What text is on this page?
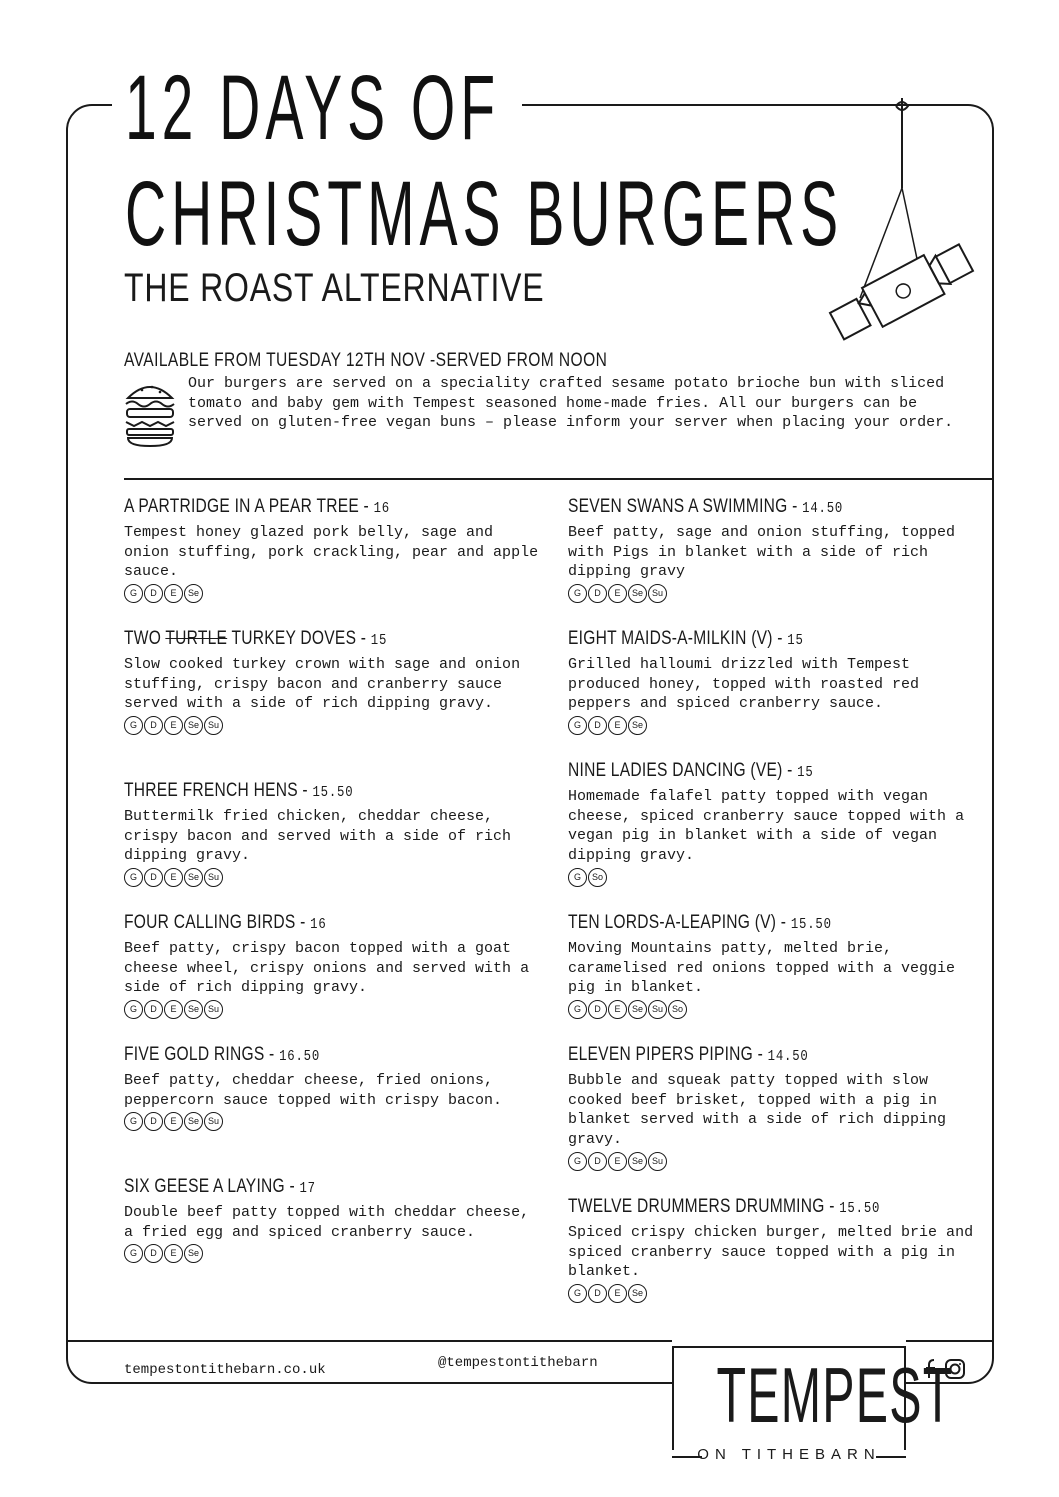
12 DAYS OF
CHRISTMAS BURGERS
THE ROAST ALTERNATIVE
AVAILABLE FROM TUESDAY 12TH NOV -SERVED FROM NOON

Our burgers are served on a speciality crafted sesame potato brioche bun with sliced tomato and baby gem with Tempest seasoned home-made fries. All our burgers can be served on gluten-free vegan buns – please inform your server when placing your order.

A PARTRIDGE IN A PEAR TREE - 16

Tempest honey glazed pork belly, sage and onion stuffing, pork crackling, pear and apple sauce.

G	D	E	Se
TWO TURTLE TURKEY DOVES - 15

Slow cooked turkey crown with sage and onion stuffing, crispy bacon and cranberry sauce served with a side of rich dipping gravy.

G	D	E	Se Su
THREE FRENCH HENS - 15.50

Buttermilk fried chicken, cheddar cheese, crispy bacon and served with a side of rich dipping gravy.

G	D	E	Se Su
FOUR CALLING BIRDS - 16

Beef patty, crispy bacon topped with a goat cheese wheel, crispy onions and served with a side of rich dipping gravy.

G	D	E	Se Su
FIVE GOLD RINGS - 16.50

Beef patty, cheddar cheese, fried onions, peppercorn sauce topped with crispy bacon.

G	D	E	Se Su
SIX GEESE A LAYING - 17

Double beef patty topped with cheddar cheese, a fried egg and spiced cranberry sauce.

G	D	E	Se
SEVEN SWANS A SWIMMING - 14.50

Beef patty, sage and onion stuffing, topped with Pigs in blanket with a side of rich dipping gravy

G	D	E	Se Su
EIGHT MAIDS-A-MILKIN (V) - 15

Grilled halloumi drizzled with Tempest produced honey, topped with roasted red peppers and spiced cranberry sauce.

G	D	E	Se
NINE LADIES DANCING (VE) - 15

Homemade falafel patty topped with vegan cheese, spiced cranberry sauce topped with a vegan pig in blanket with a side of vegan dipping gravy.

G	So
TEN LORDS-A-LEAPING (V) - 15.50

Moving Mountains patty, melted brie, caramelised red onions topped with a veggie pig in blanket.

G	D	E	Se Su So
ELEVEN PIPERS PIPING - 14.50

Bubble and squeak patty topped with slow cooked beef brisket, topped with a pig in blanket served with a side of rich dipping gravy.

G	D	E	Se Su
TWELVE DRUMMERS DRUMMING - 15.50

Spiced crispy chicken burger, melted brie and spiced cranberry sauce topped with a pig in blanket.

G	D	E	Se
tempestontithebarn.co.uk	@tempestontithebarn TEMPEST
ON TITHEBARN
